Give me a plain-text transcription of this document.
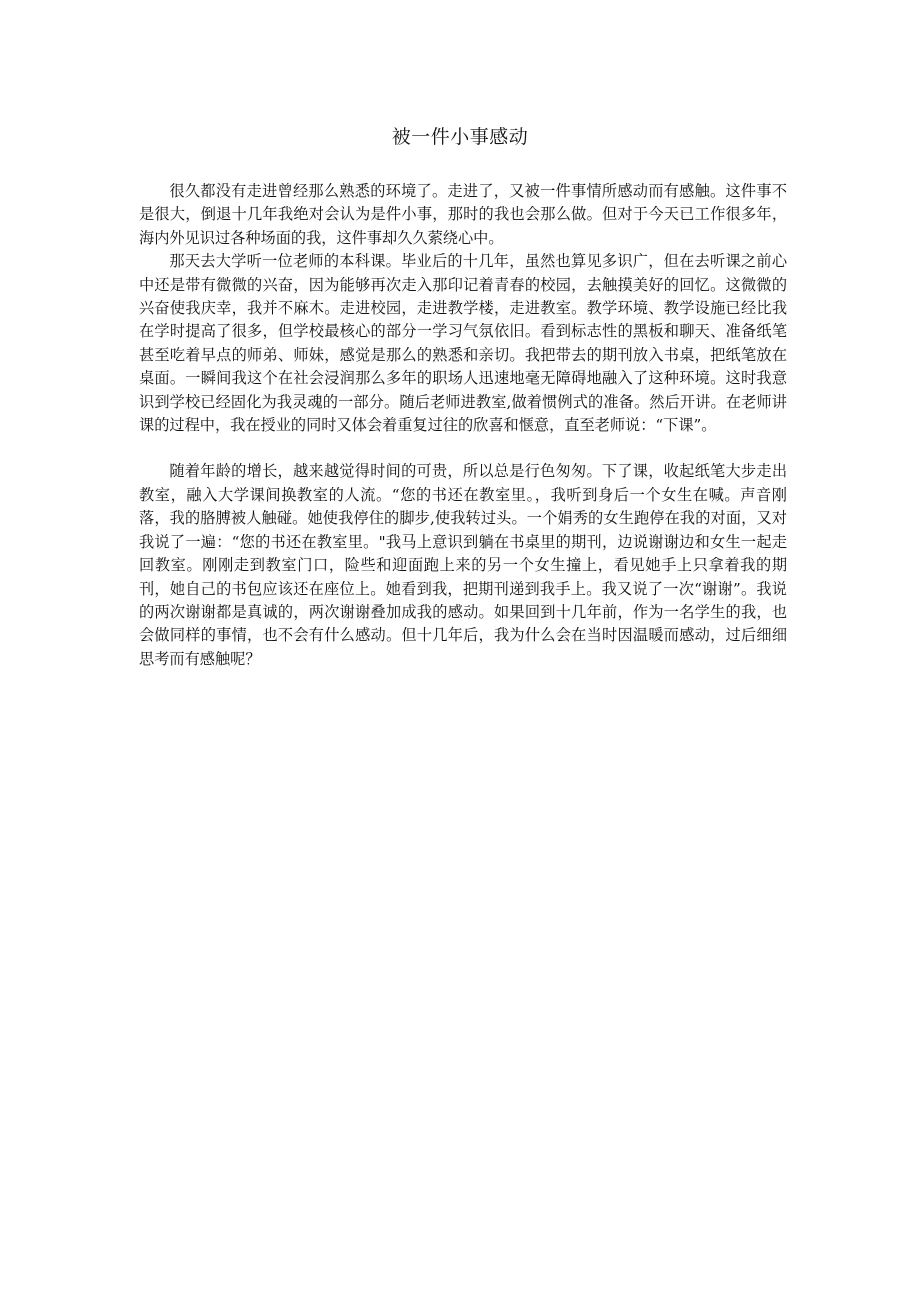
被一件小事感动

很久都没有走进曾经那么熟悉的环境了。走进了，又被一件事情所感动而有感触。这件事不是很大，倒退十几年我绝对会认为是件小事，那时的我也会那么做。但对于今天已工作很多年，海内外见识过各种场面的我，这件事却久久萦绕心中。

那天去大学听一位老师的本科课。毕业后的十几年，虽然也算见多识广，但在去听课之前心中还是带有微微的兴奋，因为能够再次走入那印记着青春的校园，去触摸美好的回忆。这微微的兴奋使我庆幸，我并不麻木。走进校园，走进教学楼，走进教室。教学环境、教学设施已经比我在学时提高了很多，但学校最核心的部分一学习气氛依旧。看到标志性的黑板和聊天、准备纸笔甚至吃着早点的师弟、师妹，感觉是那么的熟悉和亲切。我把带去的期刊放入书桌，把纸笔放在桌面。一瞬间我这个在社会浸润那么多年的职场人迅速地毫无障碍地融入了这种环境。这时我意识到学校已经固化为我灵魂的一部分。随后老师进教室,做着惯例式的准备。然后开讲。在老师讲课的过程中，我在授业的同时又体会着重复过往的欣喜和惬意，直至老师说：“下课”。

随着年龄的增长，越来越觉得时间的可贵，所以总是行色匆匆。下了课，收起纸笔大步走出教室，融入大学课间换教室的人流。“您的书还在教室里。，我听到身后一个女生在喊。声音刚落，我的胳膊被人触碰。她使我停住的脚步,使我转过头。一个娟秀的女生跑停在我的对面，又对我说了一遍：“您的书还在教室里。"我马上意识到躺在书桌里的期刊，边说谢谢边和女生一起走回教室。刚刚走到教室门口，险些和迎面跑上来的另一个女生撞上，看见她手上只拿着我的期刊，她自己的书包应该还在座位上。她看到我，把期刊递到我手上。我又说了一次“谢谢”。我说的两次谢谢都是真诚的，两次谢谢叠加成我的感动。如果回到十几年前，作为一名学生的我，也会做同样的事情，也不会有什么感动。但十几年后，我为什么会在当时因温暖而感动，过后细细思考而有感触呢？
